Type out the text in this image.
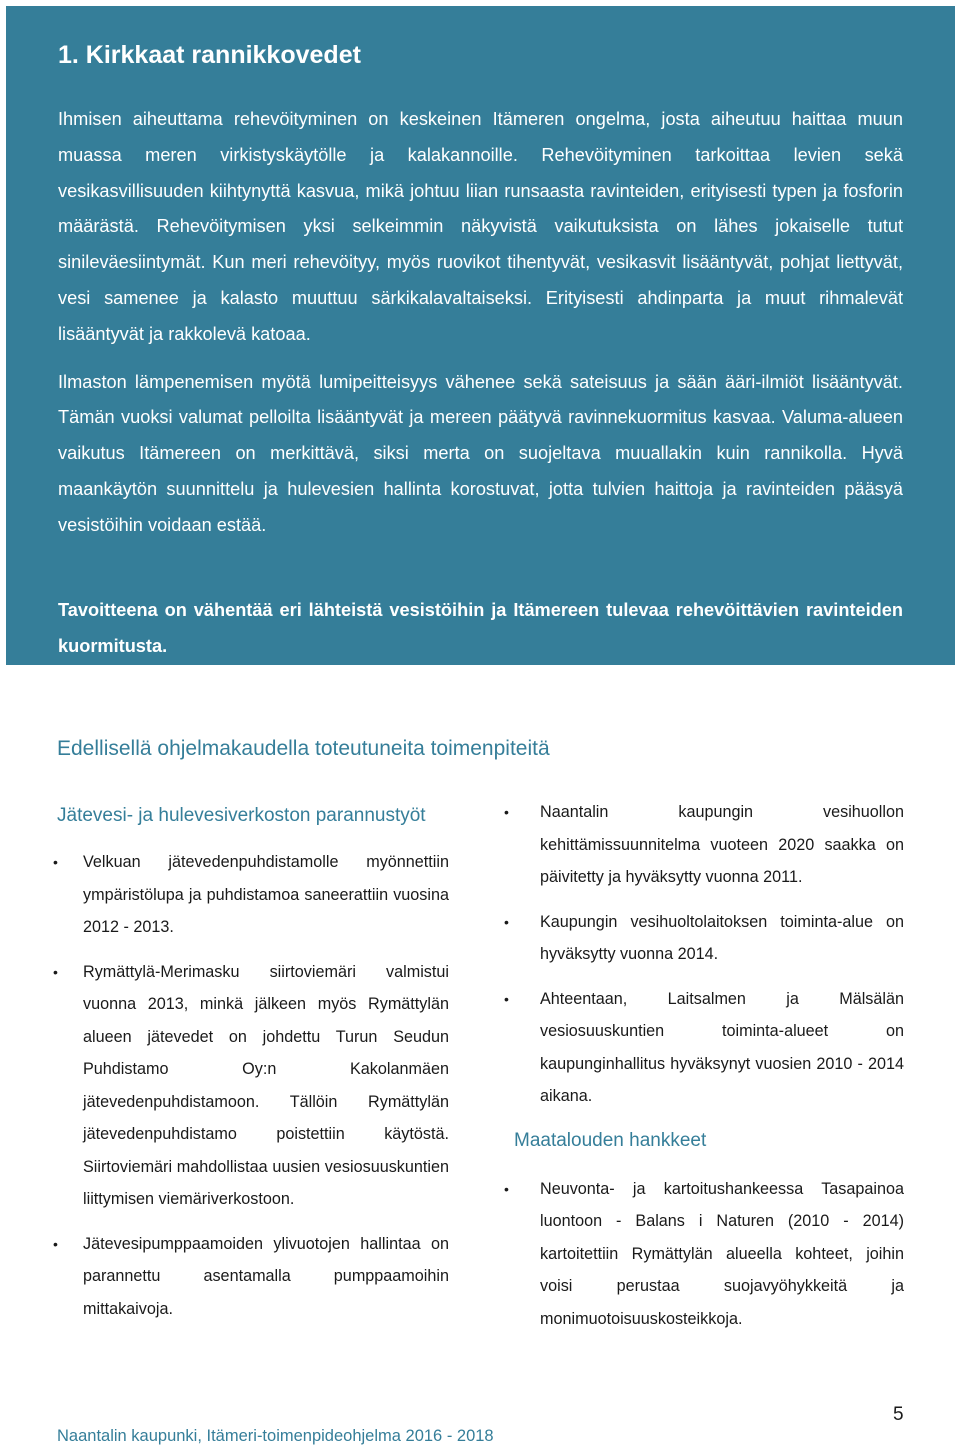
1. Kirkkaat rannikkovedet

Ihmisen aiheuttama rehevöityminen on keskeinen Itämeren ongelma, josta aiheutuu haittaa muun muassa meren virkistyskäytölle ja kalakannoille. Rehevöityminen tarkoittaa levien sekä vesikasvillisuuden kiihtynyttä kasvua, mikä johtuu liian runsaasta ravinteiden, erityisesti typen ja fosforin määrästä. Rehevöitymisen yksi selkeimmin näkyvistä vaikutuksista on lähes jokaiselle tutut sinileväesiintymät. Kun meri rehevöityy, myös ruovikot tihentyvät, vesikasvit lisääntyvät, pohjat liettyvät, vesi samenee ja kalasto muuttuu särkikalavaltaiseksi. Erityisesti ahdinparta ja muut rihmalevät lisääntyvät ja rakkolevä katoaa.

Ilmaston lämpenemisen myötä lumipeitteisyys vähenee sekä sateisuus ja sään ääri-ilmiöt lisääntyvät. Tämän vuoksi valumat pelloilta lisääntyvät ja mereen päätyvä ravinnekuormitus kasvaa. Valuma-alueen vaikutus Itämereen on merkittävä, siksi merta on suojeltava muuallakin kuin rannikolla. Hyvä maankäytön suunnittelu ja hulevesien hallinta korostuvat, jotta tulvien haittoja ja ravinteiden pääsyä vesistöihin voidaan estää.

Tavoitteena on vähentää eri lähteistä vesistöihin ja Itämereen tulevaa rehevöittävien ravinteiden kuormitusta.
Edellisellä ohjelmakaudella toteutuneita toimenpiteitä
Jätevesi- ja hulevesiverkoston parannustyöt
• Velkuan jätevedenpuhdistamolle myönnettiin ympäristölupa ja puhdistamoa saneerattiin vuosina 2012 - 2013.
• Rymättylä-Merimasku siirtoviemäri valmistui vuonna 2013, minkä jälkeen myös Rymättylän alueen jätevedet on johdettu Turun Seudun Puhdistamo Oy:n Kakolanmäen jätevedenpuhdistamoon. Tällöin Rymättylän jätevedenpuhdistamo poistettiin käytöstä. Siirtoviemäri mahdollistaa uusien vesiosuuskuntien liittymisen viemäriverkostoon.
• Jätevesipumppaamoiden ylivuotojen hallintaa on parannettu asentamalla pumppaamoihin mittakaivoja.
• Naantalin kaupungin vesihuollon kehittämissuunnitelma vuoteen 2020 saakka on päivitetty ja hyväksytty vuonna 2011.
• Kaupungin vesihuoltolaitoksen toiminta-alue on hyväksytty vuonna 2014.
• Ahteentaan, Laitsalmen ja Mälsälän vesiosuuskuntien toiminta-alueet on kaupunginhallitus hyväksynyt vuosien 2010 - 2014 aikana.
Maatalouden hankkeet
• Neuvonta- ja kartoitushankeessa Tasapainoa luontoon - Balans i Naturen (2010 - 2014) kartoitettiin Rymättylän alueella kohteet, joihin voisi perustaa suojavyöhykkeitä ja monimuotoisuuskosteikkoja.
5
Naantalin kaupunki, Itämeri-toimenpideohjelma 2016 - 2018
